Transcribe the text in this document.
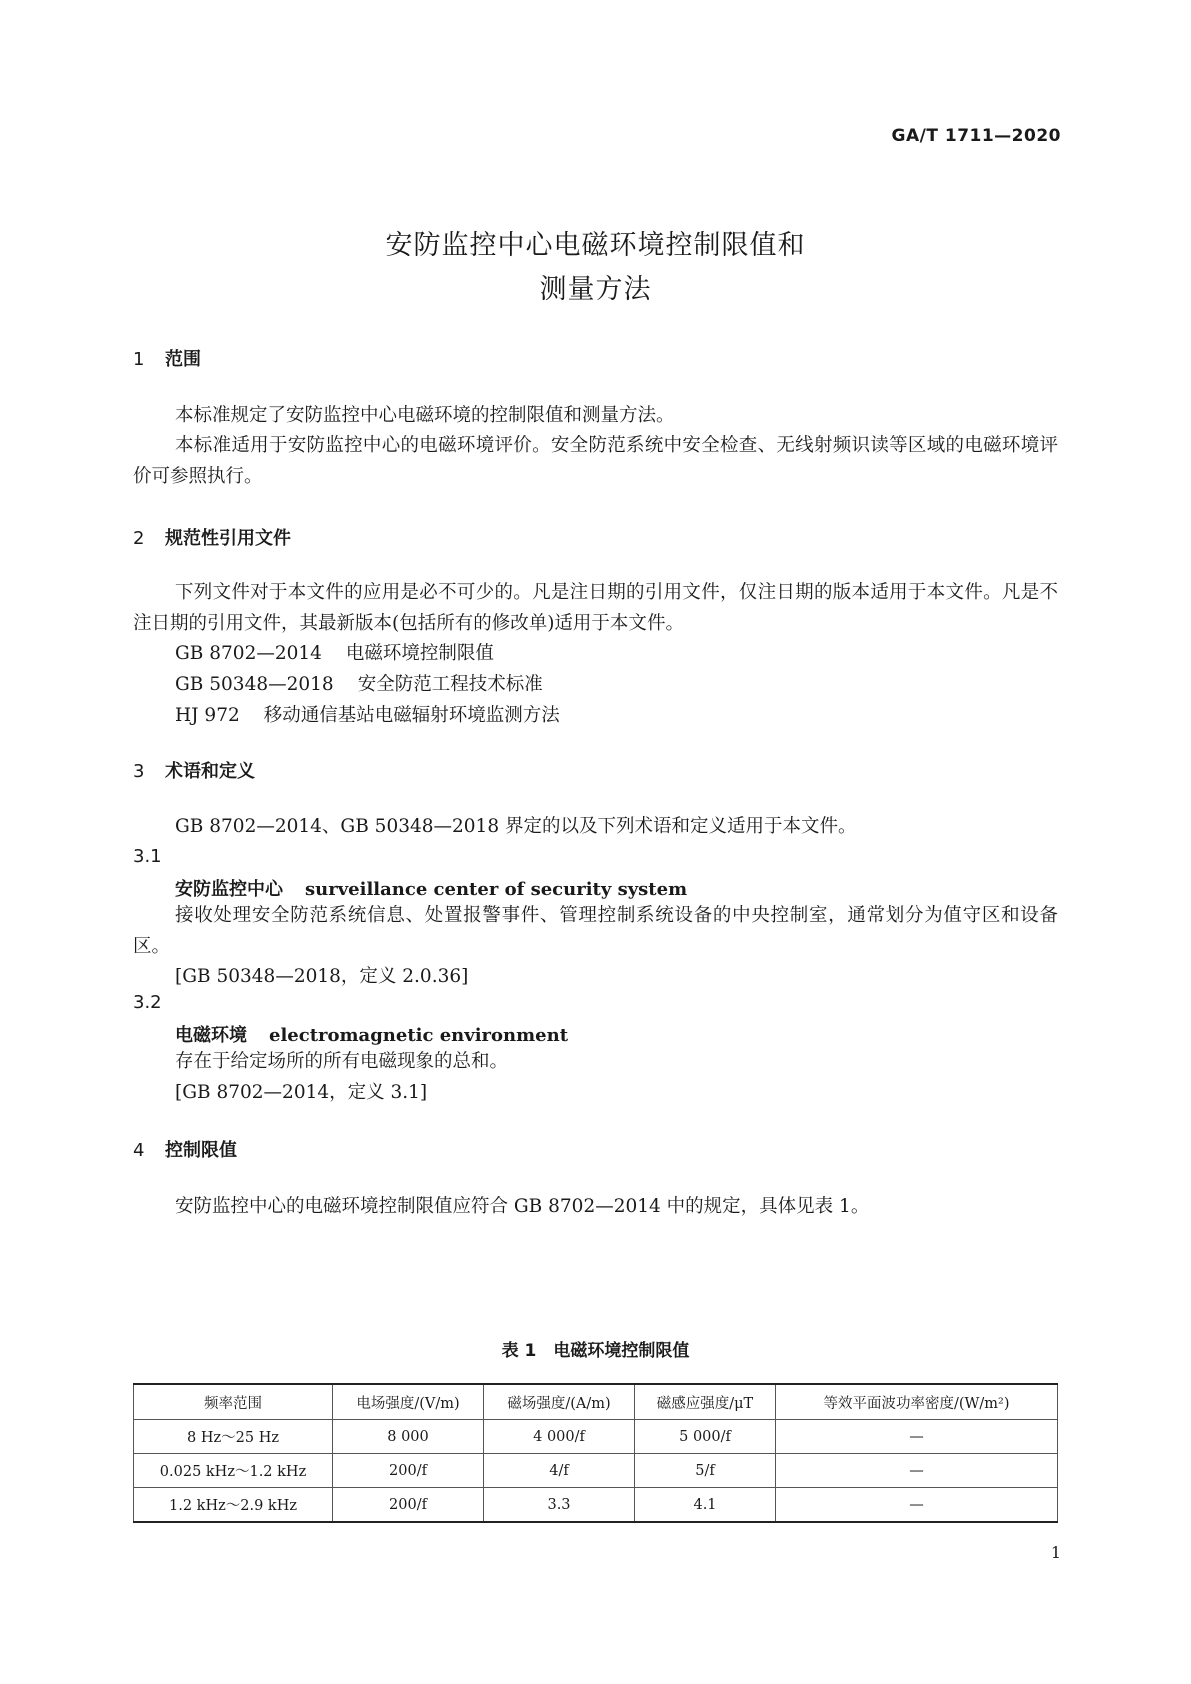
GA/T 1711—2020
安防监控中心电磁环境控制限值和
测量方法
1 范围
本标准规定了安防监控中心电磁环境的控制限值和测量方法。
本标准适用于安防监控中心的电磁环境评价。安全防范系统中安全检查、无线射频识读等区域的电磁环境评价可参照执行。
2 规范性引用文件
下列文件对于本文件的应用是必不可少的。凡是注日期的引用文件，仅注日期的版本适用于本文件。凡是不注日期的引用文件，其最新版本(包括所有的修改单)适用于本文件。
GB 8702—2014 电磁环境控制限值
GB 50348—2018 安全防范工程技术标准
HJ 972 移动通信基站电磁辐射环境监测方法
3 术语和定义
GB 8702—2014、GB 50348—2018 界定的以及下列术语和定义适用于本文件。
3.1
安防监控中心 surveillance center of security system
接收处理安全防范系统信息、处置报警事件、管理控制系统设备的中央控制室，通常划分为值守区和设备区。
[GB 50348—2018，定义 2.0.36]
3.2
电磁环境 electromagnetic environment
存在于给定场所的所有电磁现象的总和。
[GB 8702—2014，定义 3.1]
4 控制限值
安防监控中心的电磁环境控制限值应符合 GB 8702—2014 中的规定，具体见表 1。
表 1　电磁环境控制限值
频率范围	电场强度/(V/m)	磁场强度/(A/m)	磁感应强度/μT	等效平面波功率密度/(W/m²)
8 Hz～25 Hz	8 000	4 000/f	5 000/f	—
0.025 kHz～1.2 kHz	200/f	4/f	5/f	—
1.2 kHz～2.9 kHz	200/f	3.3	4.1	—
1
